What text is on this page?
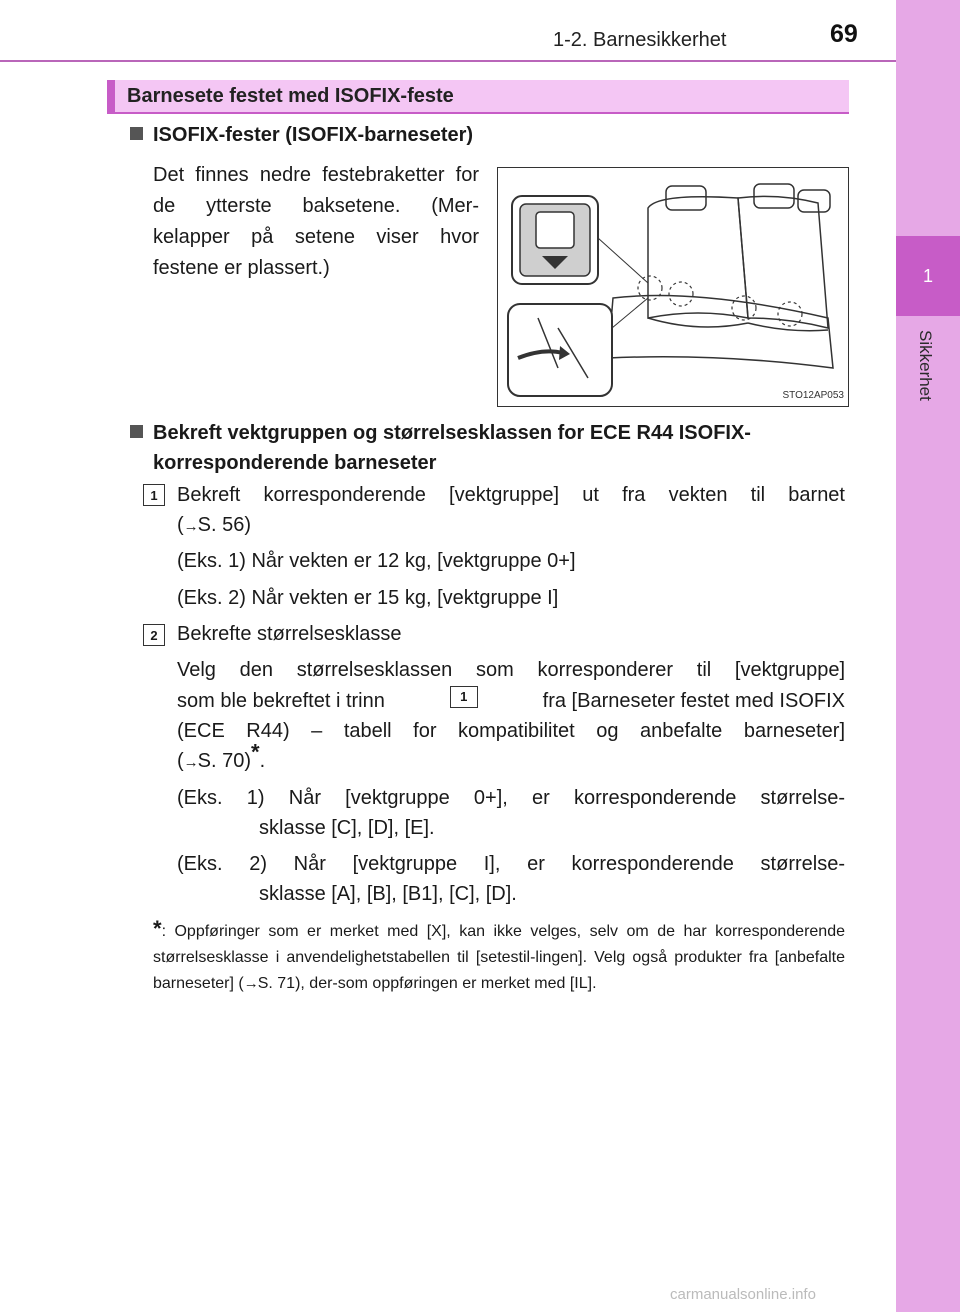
1-2. Barnesikkerhet	69
1
Sikkerhet
Barnesete festet med ISOFIX-feste
ISOFIX-fester (ISOFIX-barneseter)
Det finnes nedre festebraketter for de ytterste baksetene. (Mer-kelapper på setene viser hvor festene er plassert.)
STO12AP053
Bekreft vektgruppen og størrelsesklassen for ECE R44 ISOFIX-
korresponderende barneseter
1 Bekreft korresponderende [vektgruppe] ut fra vekten til barnet
(→S. 56)
(Eks. 1) Når vekten er 12 kg, [vektgruppe 0+]
(Eks. 2) Når vekten er 15 kg, [vektgruppe I]
2 Bekrefte størrelsesklasse
Velg den størrelsesklassen som korresponderer til [vektgruppe]
som ble bekreftet i trinn	1	fra [Barneseter festet med ISOFIX
(ECE R44) – tabell for kompatibilitet og anbefalte barneseter]
(→S. 70)*.
(Eks. 1) Når [vektgruppe 0+], er korresponderende størrelse-
sklasse [C], [D], [E].
(Eks. 2) Når [vektgruppe I], er korresponderende størrelse-
sklasse [A], [B], [B1], [C], [D].
*: Oppføringer som er merket med [X], kan ikke velges, selv om de har korresponderende størrelsesklasse i anvendelighetstabellen til [setestil-lingen]. Velg også produkter fra [anbefalte barneseter] (→S. 71), der-som oppføringen er merket med [IL].
carmanualsonline.info
